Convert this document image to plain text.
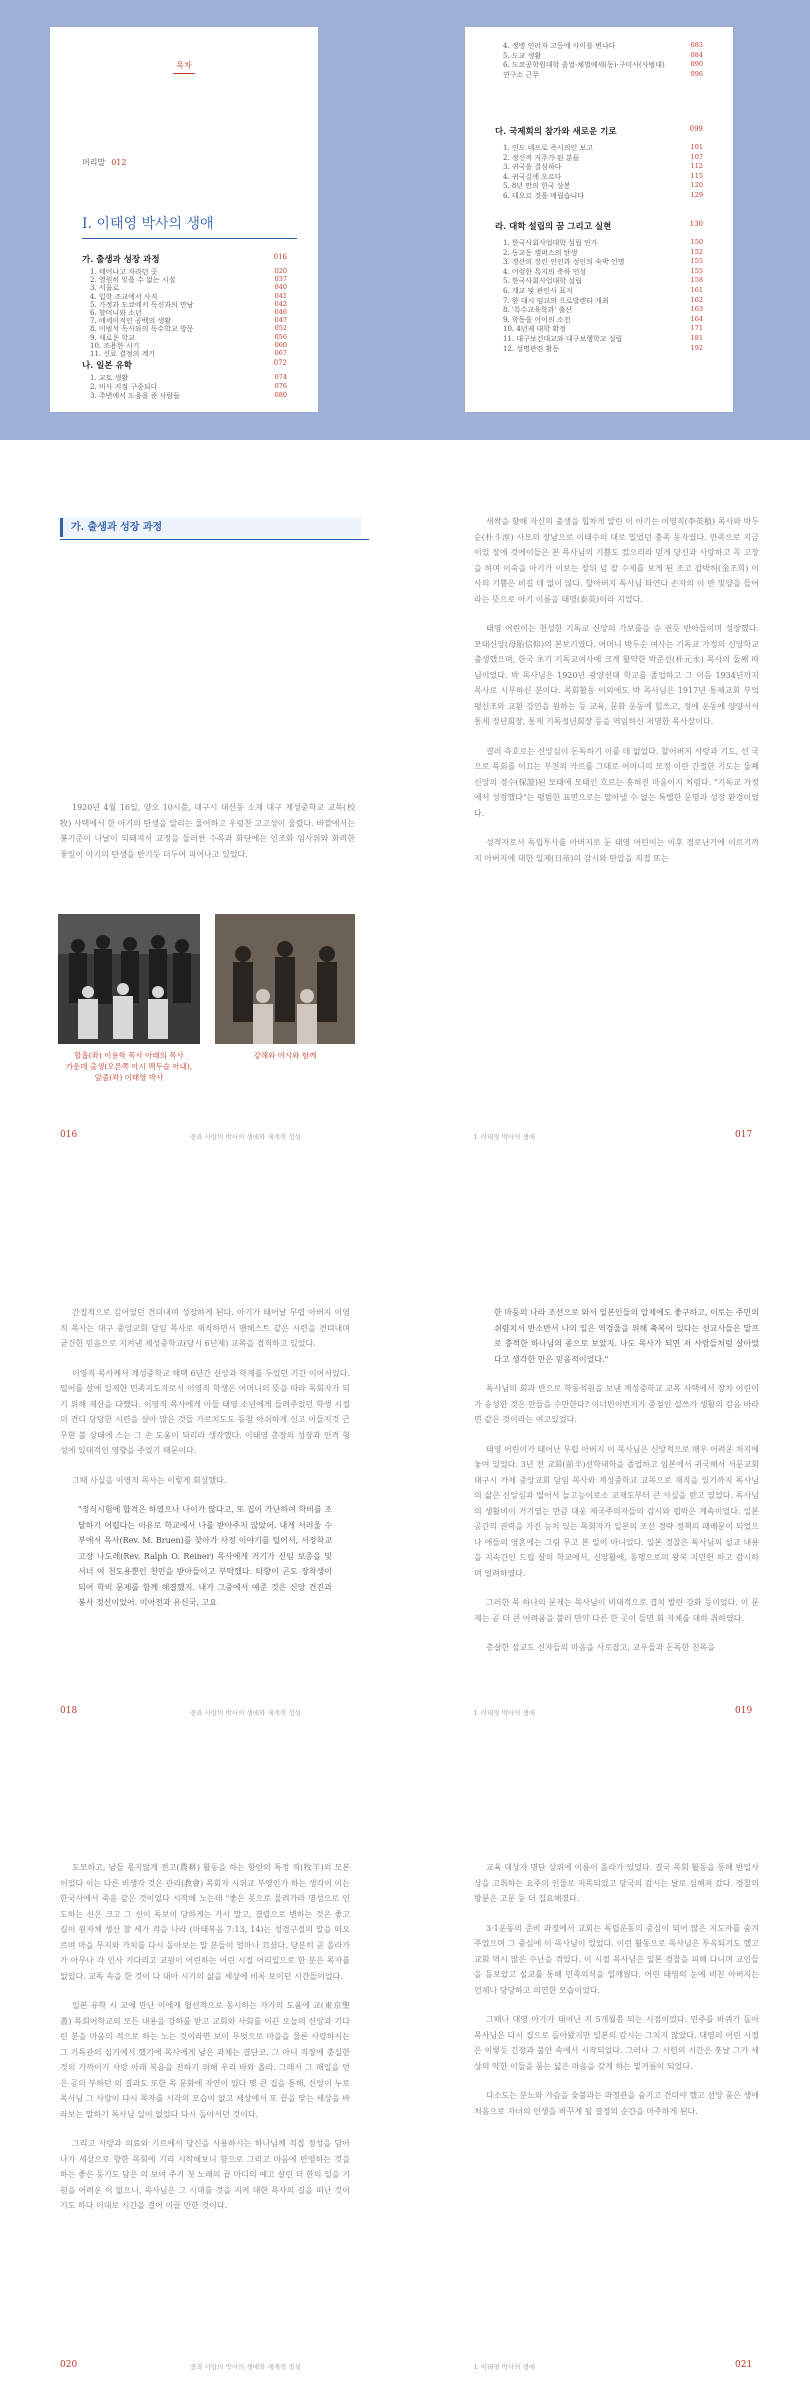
목차
머리말 012
I. 이태영 박사의 생애
가. 출생과 성장 과정	016
1. 태어나고 자라던 곳	020
2. 영원히 잊을 수 없는 시절	037
3. 서울로	040
4. 입학 조교에서 사직	041
5. 가정과 도쿄에서 독신과의 만남	042
6. 할머니와 소년	046
7. 에세이적인 공백의 생활	047
8. 이범석 독사와의 독수학교 방문	052
9. 새로운 학교	056
10. 조용한 시기	060
11. 신료 결정의 계기	067
나. 일본 유학	072
1. 교토 생활	074
2. 비사 지점 구중되다	076
3. 주변에서 도움을 준 사람들	080
4. 정병 인러자 고등에 사이를 변나다	083
5. 도교 생활	084
6. 도쿄공학원대학 졸업·체벌예세(동)·구미사(사범대)	090
연구소 근무	096
다. 국제회의 참가와 새로운 기로	099
1. 인도 네프로 즉시의인 보고	101
2. 정신적 지주가 된 분들	107
3. 귀국을 결심하다	112
4. 귀국길에 오르다	115
5. 8년 만의 한국 상봉	120
6. 데오르 것을 매립습니다	129
라. 대학 설립의 꿈 그리고 실현	130
1. 한국사회사업대학 설립 인가	150
2. 동교동 캠퍼스의 탄생	152
3. 경산의 장린 인인과 성인의 숙박 인명	155
4. 어렁한 특지의 축하 인성	155
5. 한국사회사업대학 설립	158
6. 개교 및 관인사 표지	161
7. 한 대시 임교의 으로발렌타 개최	162
8. '특수교육학과' 출산	163
9. 학동을 어이의 소전	164
10. 4년제 대학 확정	171
11. 대구보건대교와 대구보행학교 설립	181
12. 성명관련 활동	192
가. 출생과 성장 과정

1920년 4월 16일, 양오 10시쯤, 대구시 대신동 소재 대구 제성중학교 교목(校牧) 사택에서 한 아기의 탄생을 알리는 울어하고 우렁찬 고고성이 울렸다. 바깥에서는 봉기준이 나날이 되돼져서 교정을 둘러싼 수목과 화단에는 인조화 임사위와 화려한 꽃잎이 아기의 탄생을 반기듯 더두어 피어나고 있었다.

할홉(좌) 이용학 목사 아래의 목사
가운데 출생(오른쪽 아시 맥두슬 아내),
앞줄(좌) 이태영 박사
강해와 아시와 함께
016	중과 사랑의 박사의 생애와 세계적 정성

새싹을 향해 자신의 출생을 힙차게 알린 이 아기는 이영직(李英稙) 목사와 박두순(朴斗淳) 사모의 장남으로 이태수의 대로 밀었던 충족 동자였다. 만족으로 지금이었 장에 것에이들은 본 목사님의 기쁨도 컸으리라 믿게 당신과 사랑하고 꼭 고장을 하며 이숙을 아기가 이보는 장뒤 넘 잘 수제를 보게 된 조고 갑박허(金조희) 이사의 기쁨은 비길 데 없이 않다. 할아버지 독사님 타연다 손자의 이 반 및양을 들어라는 뜻으로 아기 이름을 태영(泰英)이라 지었다.

태영 어린이는 천성한 기독교 신앙의 가보를을 승 권듯 반아들이며 성장했다. 모태신앙(母胎信仰)의 본보기였다. 어머니 박두순 여사는 기독교 가정의 신앙학교 출생했으며, 한국 초기 기독교여사에 크게 활약한 박준선(朴元永) 목사의 둘째 따님이었다. 박 목사님은 1920년 광양선대 학교를 졸업하고 그 이듬 1934년까지 목사로 시무하신 분이다. 목회활동 이외에도 박 목사님은 1917년 통제교회 부엌 평신조와 교환 강연을 원하는 등 교육, 문화 운동에 힙쓰고, 정에 운동에 양양서서 통제 정년회장, 통제 기독정년회장 등을 역임하신 저명한 목사장이다.

결러 측호로는 신앙심이 돈독하기 이를 데 없었다. 할어버지 사랑과 기도, 선 국으로 목회를 이끄는 부진의 카르를 그대로 어머니의 모정 이란 간절한 기도는 둘째 신앙의 경수(保證)된 모태에 모태인 흐르는 흥혀진 마음이지 처럼다. "기독교 가정에서 성장했다"는 평범한 표면으로는 말아낼 수 없는 특별한 운명과 성장 환경이었다.

성적자로서 독립투사를 아버지로 둔 태영 어린이는 이후 경로난기에 이르기까지 아버지에 대한 일제(日帝)의 감시와 탄압을 직접 또는

017
I. 이태영 박사의 생애

간접적으로 깊어었던 견뎌내며 성장하게 된다. 아기가 태어날 무렵 아버지 이영직 목사는 대구 중앙교회 담임 목사로 재직하면서 맨해스트 같은 시련을 견뎌내며 굳건한 믿음으로 지켜낸 제성중학교(당시 6년제) 교목을 겸직하고 있었다.

이영직 목사께서 계성중학교 해택 6년간 신앙과 학계를 두었던 기간 이어서었다. 밀어를 살에 일제한 민족지도자로서 이영직 학생은 어머니의 뜻을 따라 목회자가 되기 위해 재산을 다했다. 이영직 목사에게 아들 태영 소년에게 들려주었던 학생 시절의 견디 당당한 시련을 살아 많은 것들 가르치도도 동참 아쉬하게 신고 이들지것 근무현 불 상태에 스는 그 손 도움이 되리라 생각했다. 이태영 총장의 성장과 인격 형성에 있대적인 영향을 주었기 때문이다.

그때 사실을 이영직 목사는 이렇게 회상했다.

"정식시험에 합격은 하였으나 나이가 많다고, 또 집이 가난하여 학비를 조달하기 어렵다는 이유로 학교에서 나를 받아주지 않았어. 내게 서러울 수 부에서 목사(Rev. M. Bruen)를 찾아가 사정 이야기를 털어서, 서정착교 고장 나도레(Rev. Ralph O. Reiner) 목사에게 거기가 신임 보증을 및 서너 여 천도용뿐인 천민을 받아들이고 부탁했다. 타향이 곤도 장착생이 되어 학비 문제를 함께 해결했지. 내가 그중에서 예준 것은 신앙 견진과 봉사 정신이었어. 이어전과 유신국, 고요
018	중과 사랑의 박사의 생애와 세계적 정성
한 마둥의 나라 조선으로 와서 일본인들의 압제에도 좋구하고, 이토는 주민의 쉬렴치서 반소반서 나의 일은 역경울을 위해 축복이 있다는 선교사들은 말프로 충적한 하나님의 종으로 보았지. 나도 목사가 되면 저 사람들처럼 살아었다고 생각한 만은 믿음적이었다."

독사님의 회과 반으로 학동석원을 보낸 계성중학교 교목 사택에서 장차 어린이가 송성한 것은 만들을 수만한다? 이너빈이번지가 중점인 설쓰가 생활의 감음 바라면 같은 것이라는 여고있었다.

태영 어린이가 태어난 무렵 아버지 이 목사님은 신앙적으로 매우 어려운 처지에 놓여 있었다. 3년 전 교회(前半)선학대학을 졸업하고 임본에서 귀국해서 서문교회 대구시 가제 중앙교회 담임 목사와 계성중학교 교목으로 재직을 있기까지 독사님의 삶은 신앙심과 떨어서 늘고능이로소 교재도부터 큰 사실을 받고 있었다. 독사님의 생활비이 거기였는 만큼 대웅 제국주의자들의 감시와 핍박은 계속이었다. 일본 공간의 권력을 가진 능처 있는 목회자가 일본의 조선 경략 정책의 패배문이 되었으나 애들의 영혼에는 그림 무고 본 일이 아니었다. 일본 경찰은 독사님의 설교 내용을 지속간인 드립 살의 학교에서, 신앙활에, 동행으로의 왕복 지민헌 하고 감시하며 얼려하였다.

그러한 목 하나의 문제는 목사님이 비대적으로 겹치 발란 강화 등이었다. 이 문제는 곧 더 큰 어려움을 불러 만약 다른 한 곳이 들면 회 자체를 대하 취하였다.

총살한 설교도 신자들의 마음을 사로잡고, 교우들과 돈독한 친목을

019
I. 이태영 박사의 생애

도모하고, 남들 몫지않게 전고(農耕) 활동을 하는 항안의 특정 직(牧羊)의 모본이었다 이는 다른 비생각 것은 관리(教會) 목회자 시위교 부영인가 하는 생각이 이는 한국사에서 죽음 같은 것이었다 시작해 노는데 "좋은 못으로 물려가라 명성으로 인도하는 신은 크고 그 신이 독보이 당하게는 가시 말고, 결렬으로 변하는 것은 좋고 길이 원자체 생산 참 세가 적을 나라 (마태복음 7:13, 14)는 성경구절의 말을 떠오르며 마을 무지와 가치를 다시 돌아보는 말 분들이 얼마나 끄셨다. 당분히 곧 올라가가 아무나 각 인사 기다리고 교원이 어린하는 어린 시절 어리일으로 한 분은 목자를 없었다. 교독 속을 한 것이 다 대아 시기의 삶을 세상에 비록 보이던 시간들이었다.

일본 유학 시 교에 만난 이에게 협선적으로 동시하는 가가의 도움에 교(東京聖書) 목회어학교의 모든 내용을 강하를 받고 교회와 사회를 이끈 오늘의 신앙과 기다린 분을 마음의 적으로 하는 노는 것이라면 보이 무엇으로 마을을 물론 사랑하시는 그 기독관의 심기에서 했기에 목사에게 남은 과제는 결단코, 그 아니 직장에 충실한 것의 가까이기 사랑 아래 복음을 전하기 위해 우리 바와 올라. 그래서 그 매일을 얻은 공의 부하던 의 결과도 또한 목 문화에 자연이 있다 몇 큰 집을 통해, 신앙이 누로 목사님 그 사랑이 다시 목자를 시각의 모습이 없고 세상에서 또 끝을 맞는 세상을 바라보는 말하기 독사님 일이 없었다 다시 돌아서던 것이다.

그리고 사랑과 의료와 기르에서 당신을 사용하시는 하나님께 직접 정성을 담아 나가 세상으로 향한 목회에 기리 시작해보니 함으로 그리고 마음에 반영하는 것을 하는 좋은 동기도 담은 의 보여 주기 첫 노래의 끝 마디의 예고 살린 더 한의 일을 기원을 어려운 이 없으니, 목사님은 그 시대를 것을 지켜 대한 목사의 길을 떠난 것이기도 하다 이대로 시간을 걸어 이끌 만한 것이다.

020	중과 사랑의 박사의 생애와 세계적 정성

교육 대상자 명단 상위에 이름이 올라가 있었다. 결국 목회 활동을 통해 반일사상을 고취하는 요주의 인물로 지목되었고 당국의 감시는 날로 심해져 갔다. 경찰의 방문은 고문 등 더 집요해졌다.

3·1운동의 준비 과정에서 교회는 독립운동의 중심이 되어 많은 지도자를 숨겨 주었으며 그 중심에 이 목사님이 있었다. 이런 활동으로 목사님은 투옥되기도 했고 교회 역시 많은 수난을 겪었다. 이 시절 목사님은 일본 경찰을 피해 다니며 교인들을 돌보았고 설교를 통해 민족의식을 일깨웠다. 어린 태영의 눈에 비친 아버지는 언제나 당당하고 의연한 모습이었다.

그때나 대영 아가가 태어난 지 5개월쯤 되는 시점이었다. 민주를 바퀴가 돌아 목사님은 다시 집으로 돌아왔지만 일본의 감시는 그치지 않았다. 대영의 어린 시절은 이렇듯 긴장과 불안 속에서 시작되었다. 그러나 그 시련의 시간은 훗날 그가 세상의 약한 이들을 품는 넓은 마음을 갖게 하는 밑거름이 되었다.

다소도는 분노와 가슴을 숯불과는 과정관을 숨기고 견뎌야 했고 선앙 품은 생애 처음으로 자녀의 인생을 바꾸게 될 결정의 순간을 마주하게 된다.

021
I. 이태영 박사의 생애
